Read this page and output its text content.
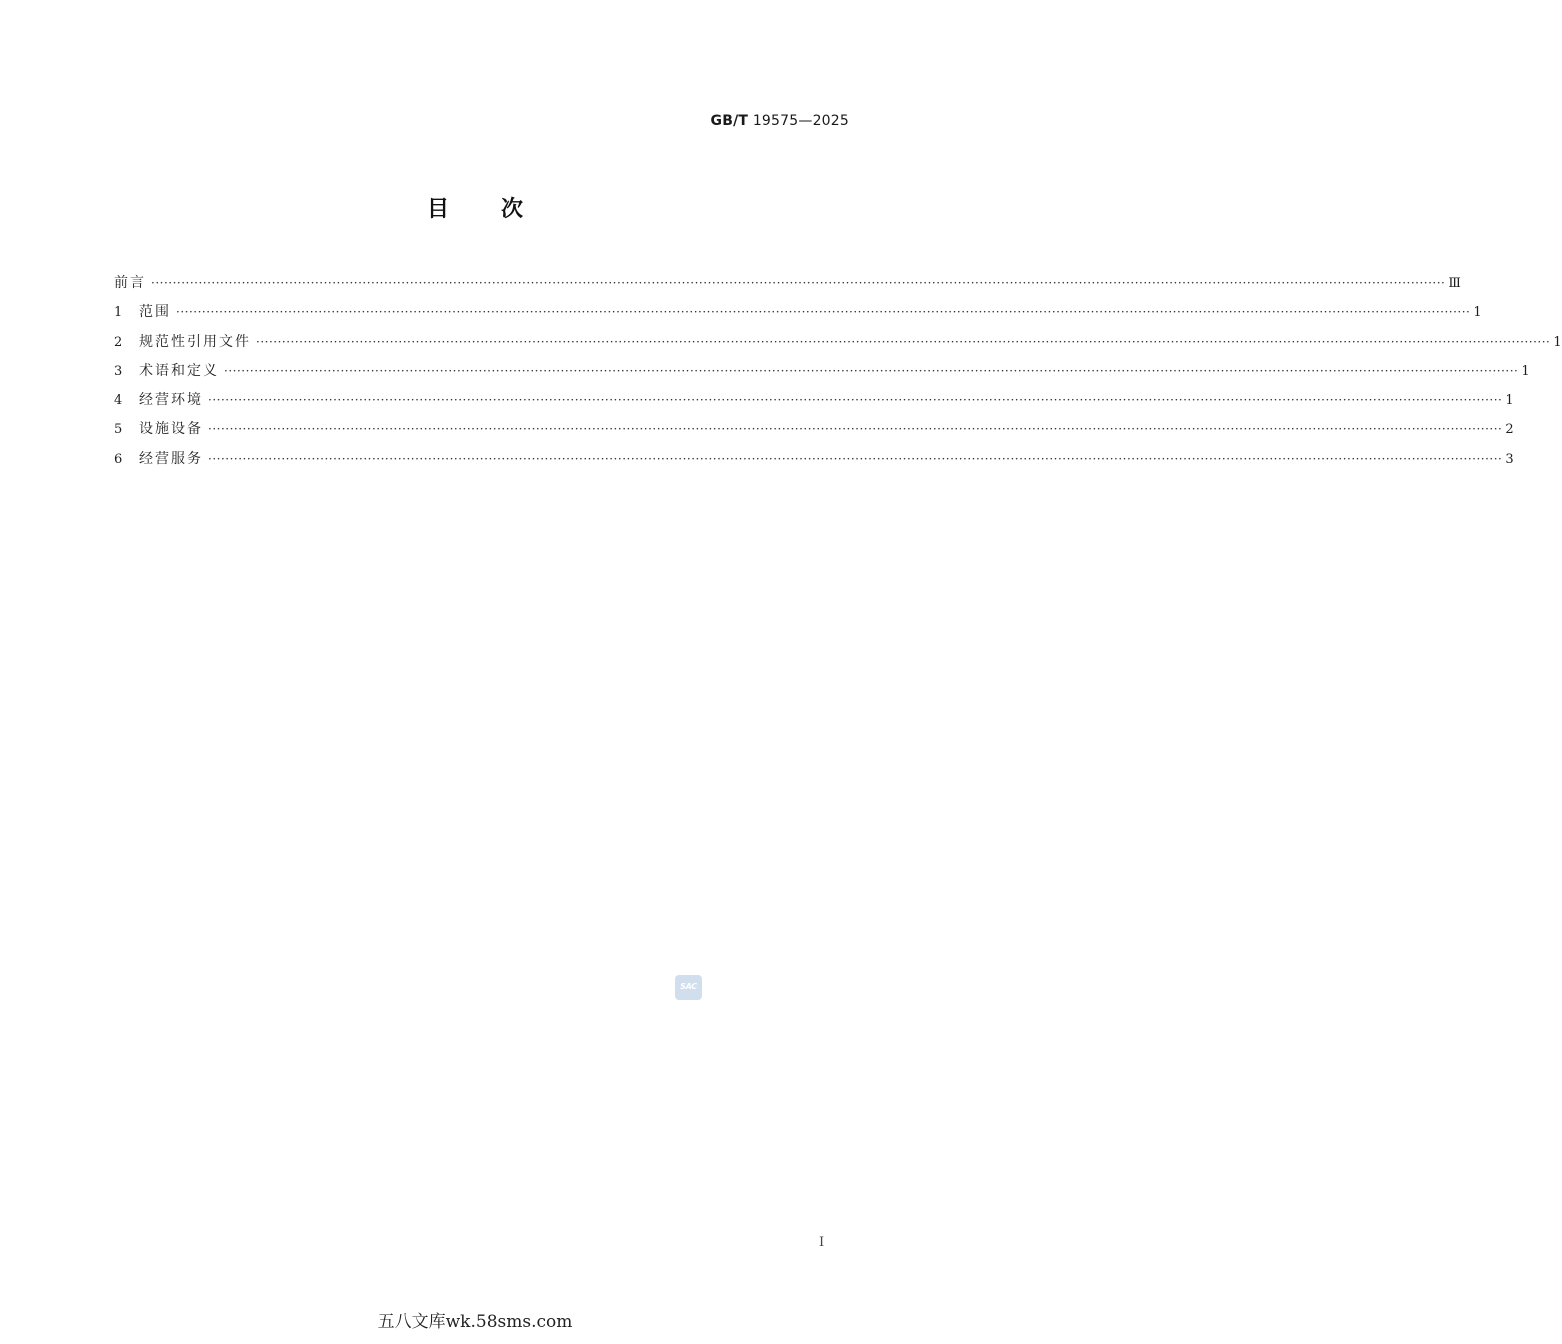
GB/T 19575—2025
目 次
前言 ············································································································································································································································································································ Ⅲ
1	范围 ············································································································································································································································································································ 1
2	规范性引用文件 ············································································································································································································································································································ 1
3	术语和定义 ············································································································································································································································································································ 1
4	经营环境 ············································································································································································································································································································ 1
5	设施设备 ············································································································································································································································································································ 2
6	经营服务 ············································································································································································································································································································ 3
SAC
I
五八文库wk.58sms.com
